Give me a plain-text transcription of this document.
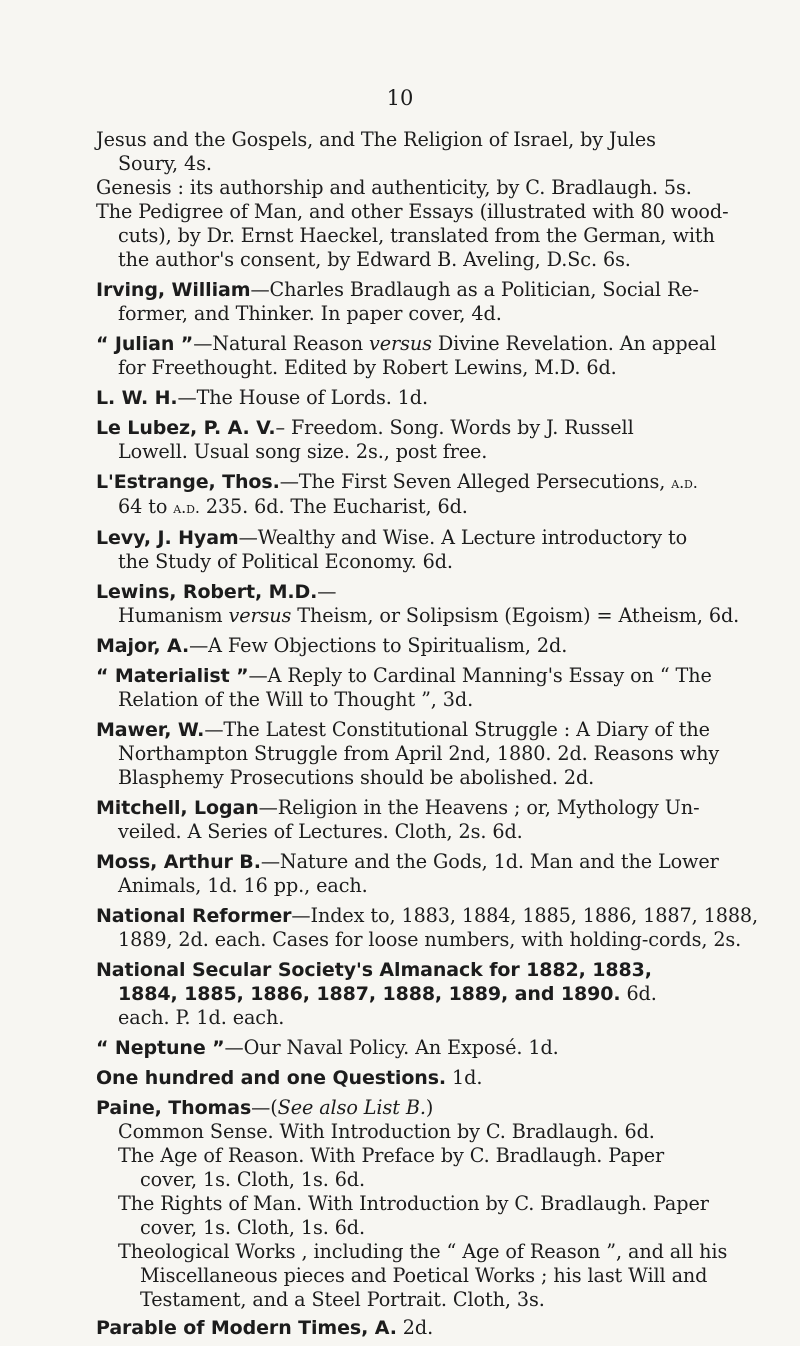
10
Jesus and the Gospels, and The Religion of Israel, by Jules
Soury, 4s.
Genesis : its authorship and authenticity, by C. Bradlaugh. 5s.
The Pedigree of Man, and other Essays (illustrated with 80 wood-
cuts), by Dr. Ernst Haeckel, translated from the German, with
the author's consent, by Edward B. Aveling, D.Sc. 6s.
Irving, William—Charles Bradlaugh as a Politician, Social Re-
former, and Thinker. In paper cover, 4d.
“ Julian ”—Natural Reason versus Divine Revelation. An appeal
for Freethought. Edited by Robert Lewins, M.D. 6d.
L. W. H.—The House of Lords. 1d.
Le Lubez, P. A. V.– Freedom. Song. Words by J. Russell
Lowell. Usual song size. 2s., post free.
L'Estrange, Thos.—The First Seven Alleged Persecutions, a.d.
64 to a.d. 235. 6d. The Eucharist, 6d.
Levy, J. Hyam—Wealthy and Wise. A Lecture introductory to
the Study of Political Economy. 6d.
Lewins, Robert, M.D.—
Humanism versus Theism, or Solipsism (Egoism) = Atheism, 6d.
Major, A.—A Few Objections to Spiritualism, 2d.
“ Materialist ”—A Reply to Cardinal Manning's Essay on “ The
Relation of the Will to Thought ”, 3d.
Mawer, W.—The Latest Constitutional Struggle : A Diary of the
Northampton Struggle from April 2nd, 1880. 2d. Reasons why
Blasphemy Prosecutions should be abolished. 2d.
Mitchell, Logan—Religion in the Heavens ; or, Mythology Un-
veiled. A Series of Lectures. Cloth, 2s. 6d.
Moss, Arthur B.—Nature and the Gods, 1d. Man and the Lower
Animals, 1d. 16 pp., each.
National Reformer—Index to, 1883, 1884, 1885, 1886, 1887, 1888,
1889, 2d. each. Cases for loose numbers, with holding-cords, 2s.
National Secular Society's Almanack for 1882, 1883,
1884, 1885, 1886, 1887, 1888, 1889, and 1890. 6d.
each. P. 1d. each.
“ Neptune ”—Our Naval Policy. An Exposé. 1d.
One hundred and one Questions. 1d.
Paine, Thomas—(See also List B.)
Common Sense. With Introduction by C. Bradlaugh. 6d.
The Age of Reason. With Preface by C. Bradlaugh. Paper
cover, 1s. Cloth, 1s. 6d.
The Rights of Man. With Introduction by C. Bradlaugh. Paper
cover, 1s. Cloth, 1s. 6d.
Theological Works , including the “ Age of Reason ”, and all his
Miscellaneous pieces and Poetical Works ; his last Will and
Testament, and a Steel Portrait. Cloth, 3s.
Parable of Modern Times, A. 2d.
